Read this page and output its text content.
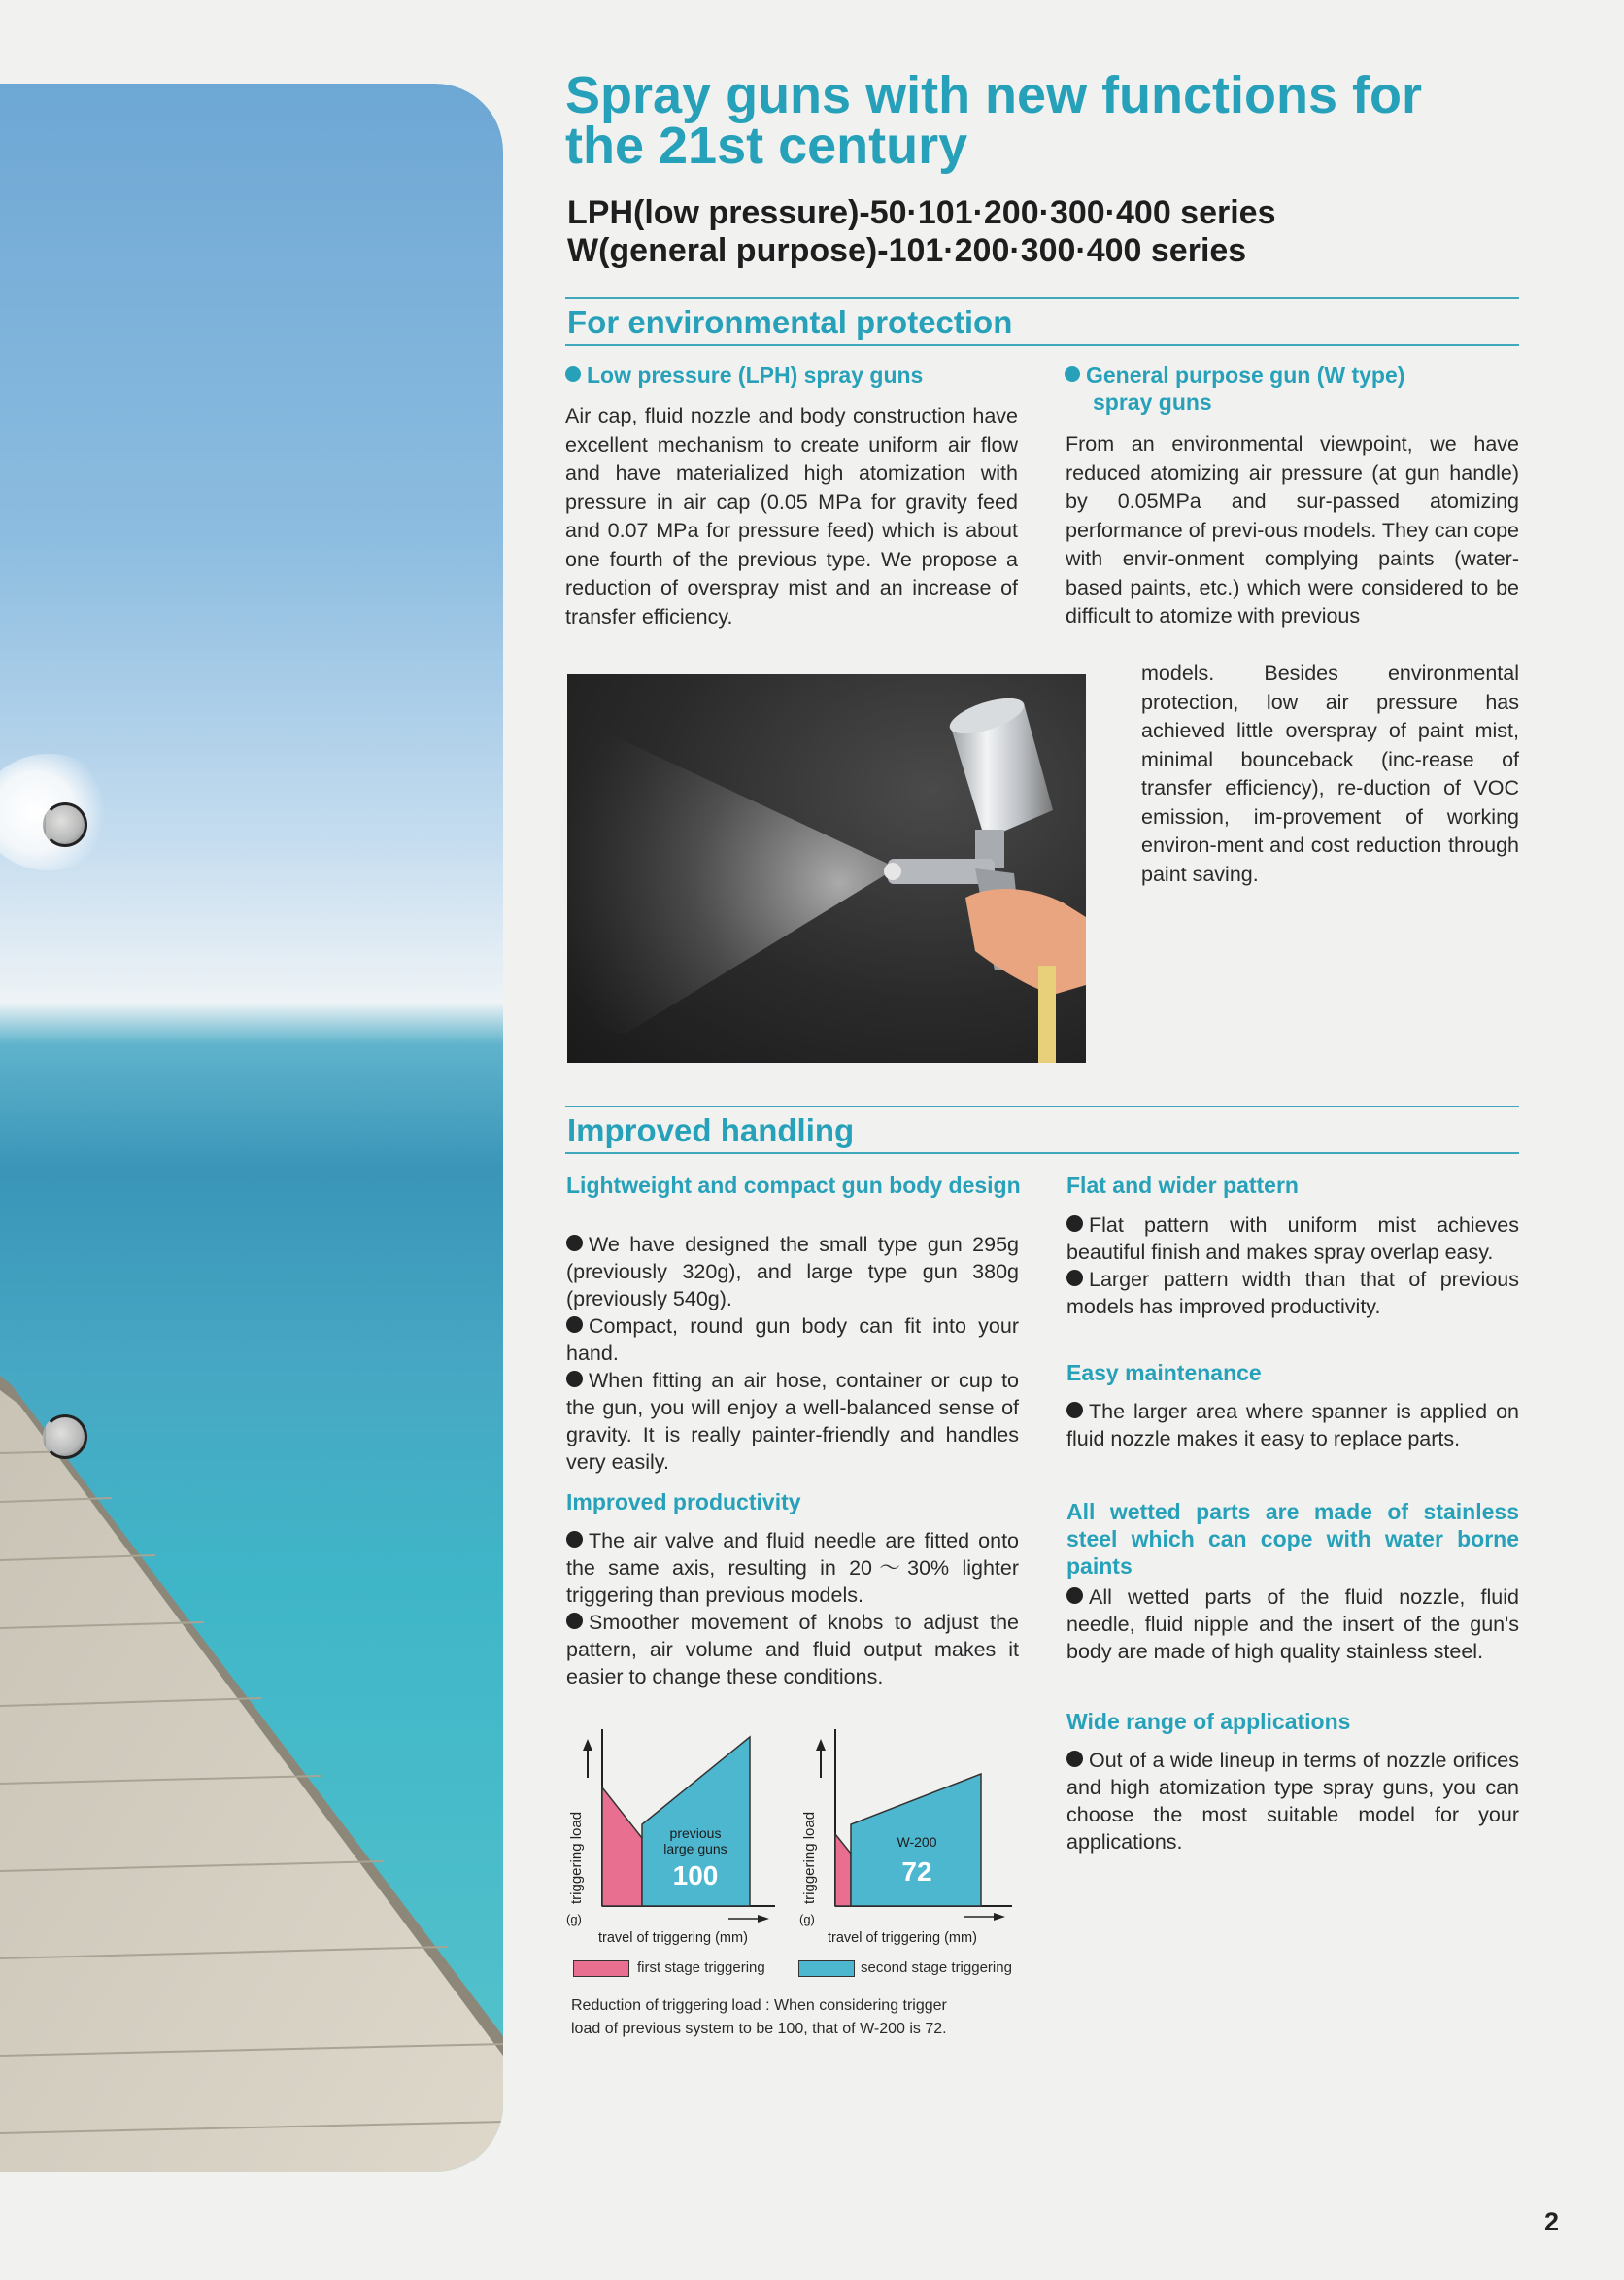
Spray guns with new functions for the 21st century
LPH(low pressure)-50·101·200·300·400 series
W(general purpose)-101·200·300·400 series
For environmental protection
Low pressure (LPH) spray guns
Air cap, fluid nozzle and body construction have excellent mechanism to create uniform air flow and have materialized high atomization with pressure in air cap (0.05 MPa for gravity feed and 0.07 MPa for pressure feed) which is about one fourth of the previous type. We propose a reduction of overspray mist and an increase of transfer efficiency.
General purpose gun (W type)
spray guns
From an environmental viewpoint, we have reduced atomizing air pressure (at gun handle) by 0.05MPa and sur-passed atomizing performance of previ-ous models. They can cope with envir-onment complying paints (water-based paints, etc.) which were considered to be difficult to atomize with previous
models. Besides environmental protection, low air pressure has achieved little overspray of paint mist, minimal bounceback (inc-rease of transfer efficiency), re-duction of VOC emission, im-provement of working environ-ment and cost reduction through paint saving.
Improved handling
Lightweight and compact gun body design

We have designed the small type gun 295g (previously 320g), and large type gun 380g (previously 540g).

Compact, round gun body can fit into your hand.

When fitting an air hose, container or cup to the gun, you will enjoy a well-balanced sense of gravity. It is really painter-friendly and handles very easily.

Improved productivity

The air valve and fluid needle are fitted onto the same axis, resulting in 20〜30% lighter triggering than previous models.

Smoother movement of knobs to adjust the pattern, air volume and fluid output makes it easier to change these conditions.

Flat and wider pattern

Flat pattern with uniform mist achieves beautiful finish and makes spray overlap easy.

Larger pattern width than that of previous models has improved productivity.

Easy maintenance

The larger area where spanner is applied on fluid nozzle makes it easy to replace parts.

All wetted parts are made of stainless steel which can cope with water borne paints

All wetted parts of the fluid nozzle, fluid needle, fluid nipple and the insert of the gun's body are made of high quality stainless steel.

Wide range of applications

Out of a wide lineup in terms of nozzle orifices and high atomization type spray guns, you can choose the most suitable model for your applications.

triggering load	previous
large guns
100
(g)
travel of triggering (mm)
triggering load	W-200
72
(g)
travel of triggering (mm)
first stage triggering	second stage triggering
Reduction of triggering load : When considering trigger
load of previous system to be 100, that of W-200 is 72.
2
